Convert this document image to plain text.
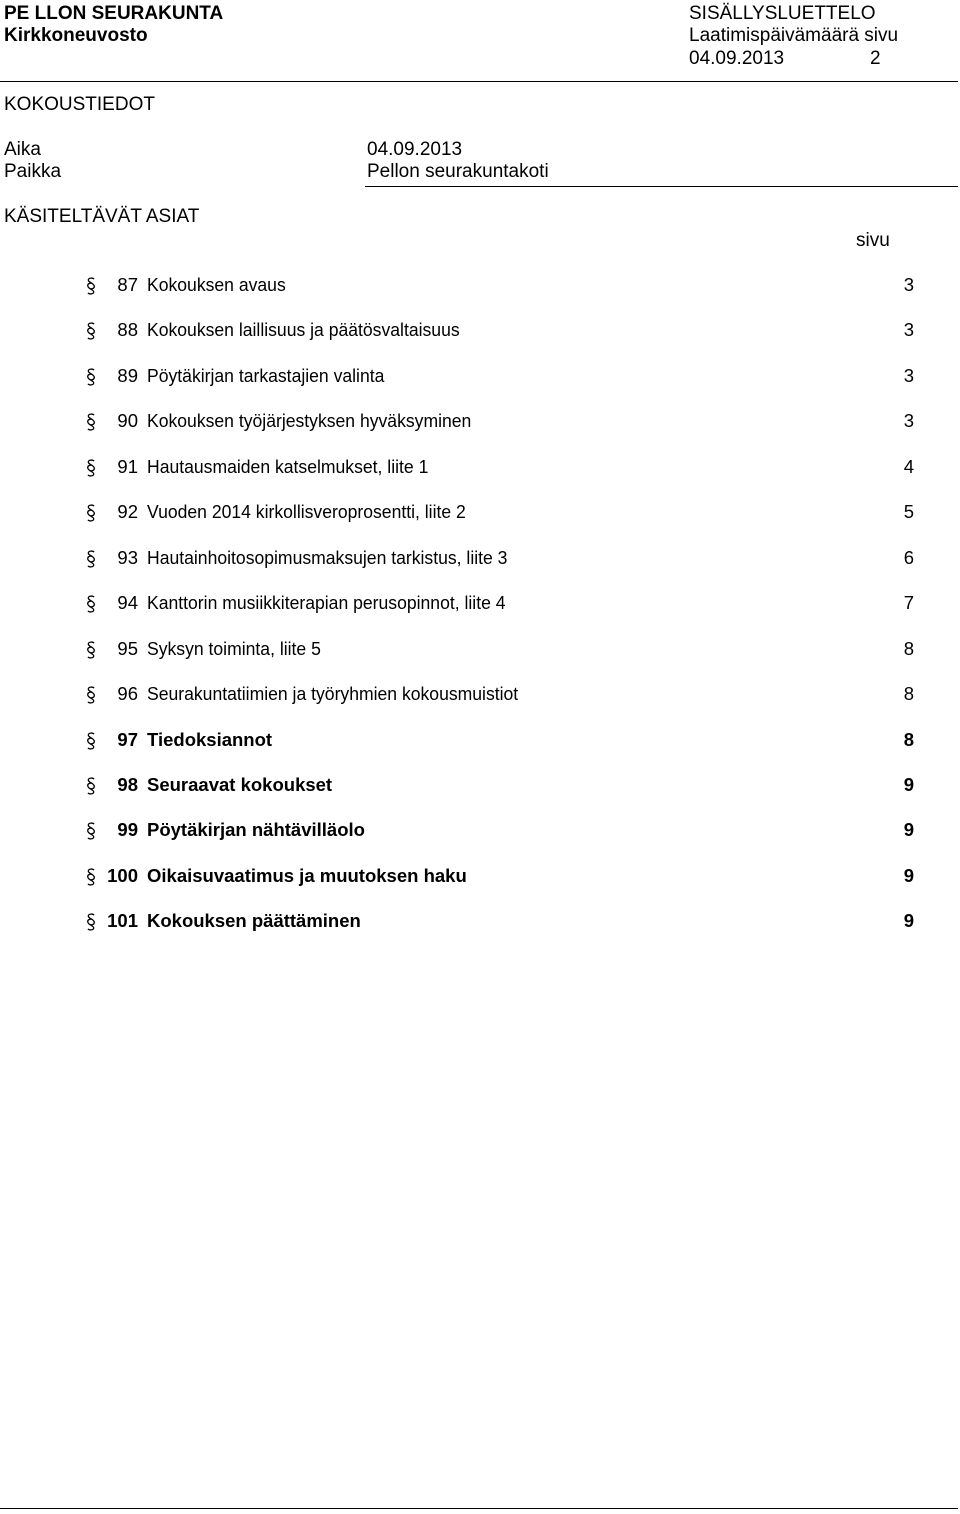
PE LLON SEURAKUNTA
Kirkkoneuvosto
SISÄLLYSLUETTELO
Laatimispäivämäärä sivu
04.09.2013	2
KOKOUSTIEDOT
Aika	04.09.2013
Paikka	Pellon seurakuntakoti
KÄSITELTÄVÄT ASIAT
sivu
87 Kokouksen avaus	3
88 Kokouksen laillisuus ja päätösvaltaisuus	3
89 Pöytäkirjan tarkastajien valinta	3
90 Kokouksen työjärjestyksen hyväksyminen	3
91 Hautausmaiden katselmukset, liite 1	4
92 Vuoden 2014 kirkollisveroprosentti, liite 2	5
93 Hautainhoitosopimusmaksujen tarkistus, liite 3	6
94 Kanttorin musiikkiterapian perusopinnot, liite 4	7
95 Syksyn toiminta, liite 5	8
96 Seurakuntatiimien ja työryhmien kokousmuistiot	8
97 Tiedoksiannot	8
98 Seuraavat kokoukset	9
99 Pöytäkirjan nähtävilläolo	9
100 Oikaisuvaatimus ja muutoksen haku	9
101 Kokouksen päättäminen	9
